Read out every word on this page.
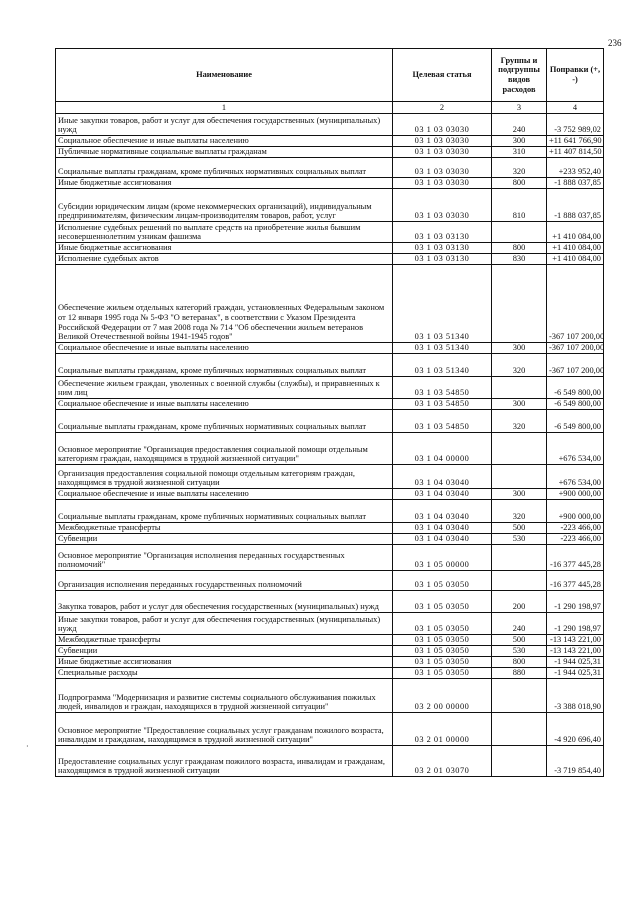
236
Наименование	Целевая статья	Группы и подгруппы видов расходов	Поправки (+, -)
1	2	3	4
Иные закупки товаров, работ и услуг для обеспечения государственных (муниципальных) нужд	03 1 03 03030	240	-3 752 989,02
Социальное обеспечение и иные выплаты населению	03 1 03 03030	300	+11 641 766,90
Публичные нормативные социальные выплаты гражданам	03 1 03 03030	310	+11 407 814,50
Социальные выплаты гражданам, кроме публичных нормативных социальных выплат	03 1 03 03030	320	+233 952,40
Иные бюджетные ассигнования	03 1 03 03030	800	-1 888 037,85
Субсидии юридическим лицам (кроме некоммерческих организаций), индивидуальным предпринимателям, физическим лицам-производителям товаров, работ, услуг	03 1 03 03030	810	-1 888 037,85
Исполнение судебных решений по выплате средств на приобретение жилья бывшим несовершеннолетним узникам фашизма	03 1 03 03130		+1 410 084,00
Иные бюджетные ассигнования	03 1 03 03130	800	+1 410 084,00
Исполнение судебных актов	03 1 03 03130	830	+1 410 084,00
Обеспечение жильем отдельных категорий граждан, установленных Федеральным законом от 12 января 1995 года № 5-ФЗ "О ветеранах", в соответствии с Указом Президента Российской Федерации от 7 мая 2008 года № 714 "Об обеспечении жильем ветеранов Великой Отечественной войны 1941-1945 годов"	03 1 03 51340		-367 107 200,00
Социальное обеспечение и иные выплаты населению	03 1 03 51340	300	-367 107 200,00
Социальные выплаты гражданам, кроме публичных нормативных социальных выплат	03 1 03 51340	320	-367 107 200,00
Обеспечение жильем граждан, уволенных с военной службы (службы), и приравненных к ним лиц	03 1 03 54850		-6 549 800,00
Социальное обеспечение и иные выплаты населению	03 1 03 54850	300	-6 549 800,00
Социальные выплаты гражданам, кроме публичных нормативных социальных выплат	03 1 03 54850	320	-6 549 800,00
Основное мероприятие "Организация предоставления социальной помощи отдельным категориям граждан, находящимся в трудной жизненной ситуации"	03 1 04 00000		+676 534,00
Организация предоставления социальной помощи отдельным категориям граждан, находящимся в трудной жизненной ситуации	03 1 04 03040		+676 534,00
Социальное обеспечение и иные выплаты населению	03 1 04 03040	300	+900 000,00
Социальные выплаты гражданам, кроме публичных нормативных социальных выплат	03 1 04 03040	320	+900 000,00
Межбюджетные трансферты	03 1 04 03040	500	-223 466,00
Субвенции	03 1 04 03040	530	-223 466,00
Основное мероприятие "Организация исполнения переданных государственных полномочий"	03 1 05 00000		-16 377 445,28
Организация исполнения переданных государственных полномочий	03 1 05 03050		-16 377 445,28
Закупка товаров, работ и услуг для обеспечения государственных (муниципальных) нужд	03 1 05 03050	200	-1 290 198,97
Иные закупки товаров, работ и услуг для обеспечения государственных (муниципальных) нужд	03 1 05 03050	240	-1 290 198,97
Межбюджетные трансферты	03 1 05 03050	500	-13 143 221,00
Субвенции	03 1 05 03050	530	-13 143 221,00
Иные бюджетные ассигнования	03 1 05 03050	800	-1 944 025,31
Специальные расходы	03 1 05 03050	880	-1 944 025,31
Подпрограмма "Модернизация и развитие системы социального обслуживания пожилых людей, инвалидов и граждан, находящихся в трудной жизненной ситуации"	03 2 00 00000		-3 388 018,90
Основное мероприятие "Предоставление социальных услуг гражданам пожилого возраста, инвалидам и гражданам, находящимся в трудной жизненной ситуации"	03 2 01 00000		-4 920 696,40
Предоставление социальных услуг гражданам пожилого возраста, инвалидам и гражданам, находящимся в трудной жизненной ситуации	03 2 01 03070		-3 719 854,40
·
